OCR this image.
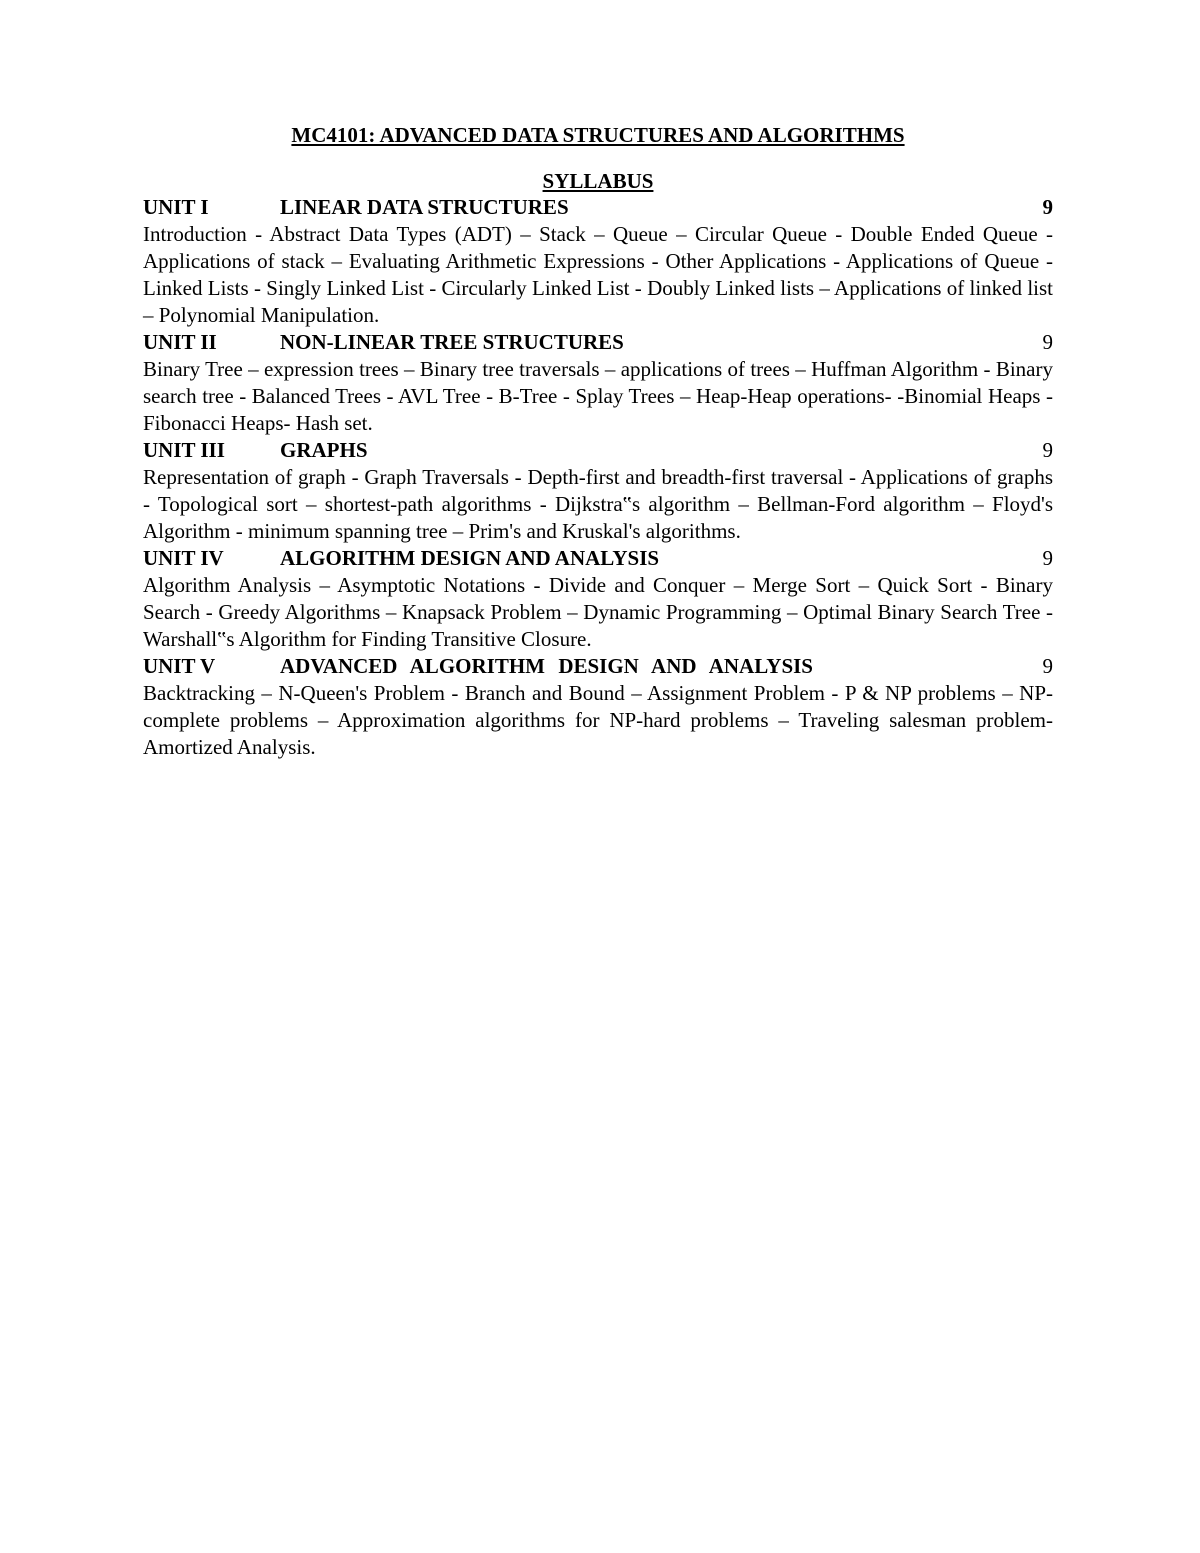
MC4101: ADVANCED DATA STRUCTURES AND ALGORITHMS
SYLLABUS
UNIT I	LINEAR DATA STRUCTURES	9

Introduction - Abstract Data Types (ADT) – Stack – Queue – Circular Queue - Double Ended Queue - Applications of stack – Evaluating Arithmetic Expressions - Other Applications - Applications of Queue - Linked Lists - Singly Linked List - Circularly Linked List - Doubly Linked lists – Applications of linked list – Polynomial Manipulation.

UNIT II	NON-LINEAR TREE STRUCTURES	9

Binary Tree – expression trees – Binary tree traversals – applications of trees – Huffman Algorithm - Binary search tree - Balanced Trees - AVL Tree - B-Tree - Splay Trees – Heap-Heap operations- -Binomial Heaps - Fibonacci Heaps- Hash set.

UNIT III	GRAPHS	9

Representation of graph - Graph Traversals - Depth-first and breadth-first traversal - Applications of graphs - Topological sort – shortest-path algorithms - Dijkstra‟s algorithm – Bellman-Ford algorithm – Floyd's Algorithm - minimum spanning tree – Prim's and Kruskal's algorithms.

UNIT IV	ALGORITHM DESIGN AND ANALYSIS	9

Algorithm Analysis – Asymptotic Notations - Divide and Conquer – Merge Sort – Quick Sort - Binary Search - Greedy Algorithms – Knapsack Problem – Dynamic Programming – Optimal Binary Search Tree - Warshall‟s Algorithm for Finding Transitive Closure.

UNIT V	ADVANCED ALGORITHM DESIGN AND ANALYSIS	9

Backtracking – N-Queen's Problem - Branch and Bound – Assignment Problem - P & NP problems – NP-complete problems – Approximation algorithms for NP-hard problems – Traveling salesman problem-Amortized Analysis.
